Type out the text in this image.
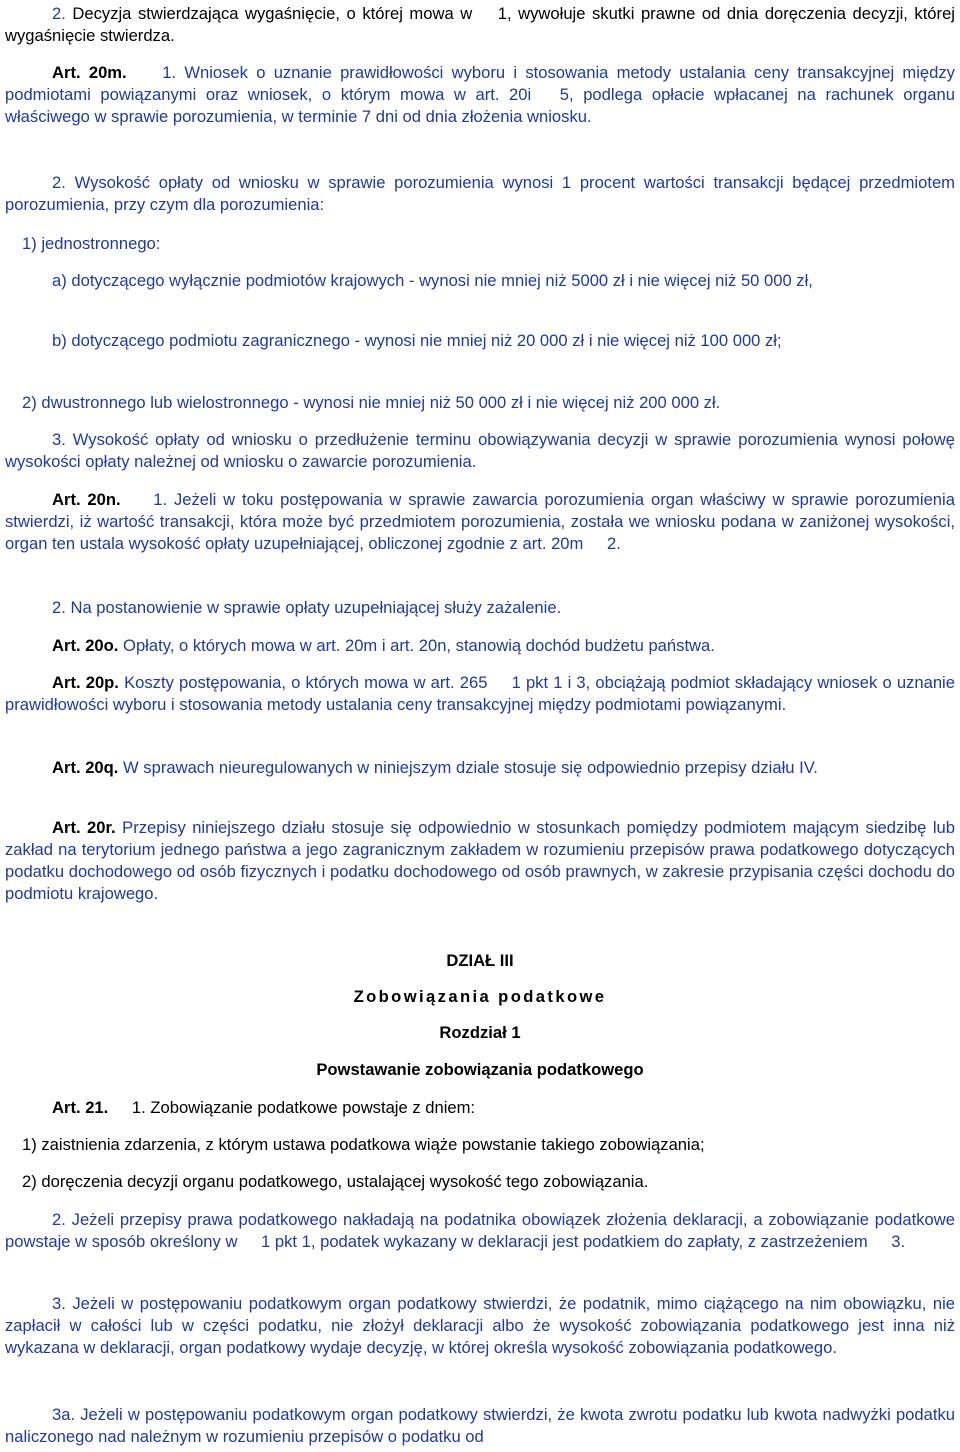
2. Decyzja stwierdzająca wygaśnięcie, o której mowa w 1, wywołuje skutki prawne od dnia doręczenia decyzji, której wygaśnięcie stwierdza.

Art. 20m. 1. Wniosek o uznanie prawidłowości wyboru i stosowania metody ustalania ceny transakcyjnej między podmiotami powiązanymi oraz wniosek, o którym mowa w art. 20i 5, podlega opłacie wpłacanej na rachunek organu właściwego w sprawie porozumienia, w terminie 7 dni od dnia złożenia wniosku.

2. Wysokość opłaty od wniosku w sprawie porozumienia wynosi 1 procent wartości transakcji będącej przedmiotem porozumienia, przy czym dla porozumienia:

1) jednostronnego:

a) dotyczącego wyłącznie podmiotów krajowych - wynosi nie mniej niż 5000 zł i nie więcej niż 50 000 zł,

b) dotyczącego podmiotu zagranicznego - wynosi nie mniej niż 20 000 zł i nie więcej niż 100 000 zł;

2) dwustronnego lub wielostronnego - wynosi nie mniej niż 50 000 zł i nie więcej niż 200 000 zł.

3. Wysokość opłaty od wniosku o przedłużenie terminu obowiązywania decyzji w sprawie porozumienia wynosi połowę wysokości opłaty należnej od wniosku o zawarcie porozumienia.

Art. 20n. 1. Jeżeli w toku postępowania w sprawie zawarcia porozumienia organ właściwy w sprawie porozumienia stwierdzi, iż wartość transakcji, która może być przedmiotem porozumienia, została we wniosku podana w zaniżonej wysokości, organ ten ustala wysokość opłaty uzupełniającej, obliczonej zgodnie z art. 20m 2.

2. Na postanowienie w sprawie opłaty uzupełniającej służy zażalenie.

Art. 20o. Opłaty, o których mowa w art. 20m i art. 20n, stanowią dochód budżetu państwa.

Art. 20p. Koszty postępowania, o których mowa w art. 265 1 pkt 1 i 3, obciążają podmiot składający wniosek o uznanie prawidłowości wyboru i stosowania metody ustalania ceny transakcyjnej między podmiotami powiązanymi.

Art. 20q. W sprawach nieuregulowanych w niniejszym dziale stosuje się odpowiednio przepisy działu IV.

Art. 20r. Przepisy niniejszego działu stosuje się odpowiednio w stosunkach pomiędzy podmiotem mającym siedzibę lub zakład na terytorium jednego państwa a jego zagranicznym zakładem w rozumieniu przepisów prawa podatkowego dotyczących podatku dochodowego od osób fizycznych i podatku dochodowego od osób prawnych, w zakresie przypisania części dochodu do podmiotu krajowego.

DZIAŁ III

Zobowiązania podatkowe

Rozdział 1

Powstawanie zobowiązania podatkowego

Art. 21. 1. Zobowiązanie podatkowe powstaje z dniem:

1) zaistnienia zdarzenia, z którym ustawa podatkowa wiąże powstanie takiego zobowiązania;

2) doręczenia decyzji organu podatkowego, ustalającej wysokość tego zobowiązania.

2. Jeżeli przepisy prawa podatkowego nakładają na podatnika obowiązek złożenia deklaracji, a zobowiązanie podatkowe powstaje w sposób określony w 1 pkt 1, podatek wykazany w deklaracji jest podatkiem do zapłaty, z zastrzeżeniem 3.

3. Jeżeli w postępowaniu podatkowym organ podatkowy stwierdzi, że podatnik, mimo ciążącego na nim obowiązku, nie zapłacił w całości lub w części podatku, nie złożył deklaracji albo że wysokość zobowiązania podatkowego jest inna niż wykazana w deklaracji, organ podatkowy wydaje decyzję, w której określa wysokość zobowiązania podatkowego.

3a. Jeżeli w postępowaniu podatkowym organ podatkowy stwierdzi, że kwota zwrotu podatku lub kwota nadwyżki podatku naliczonego nad należnym w rozumieniu przepisów o podatku od
